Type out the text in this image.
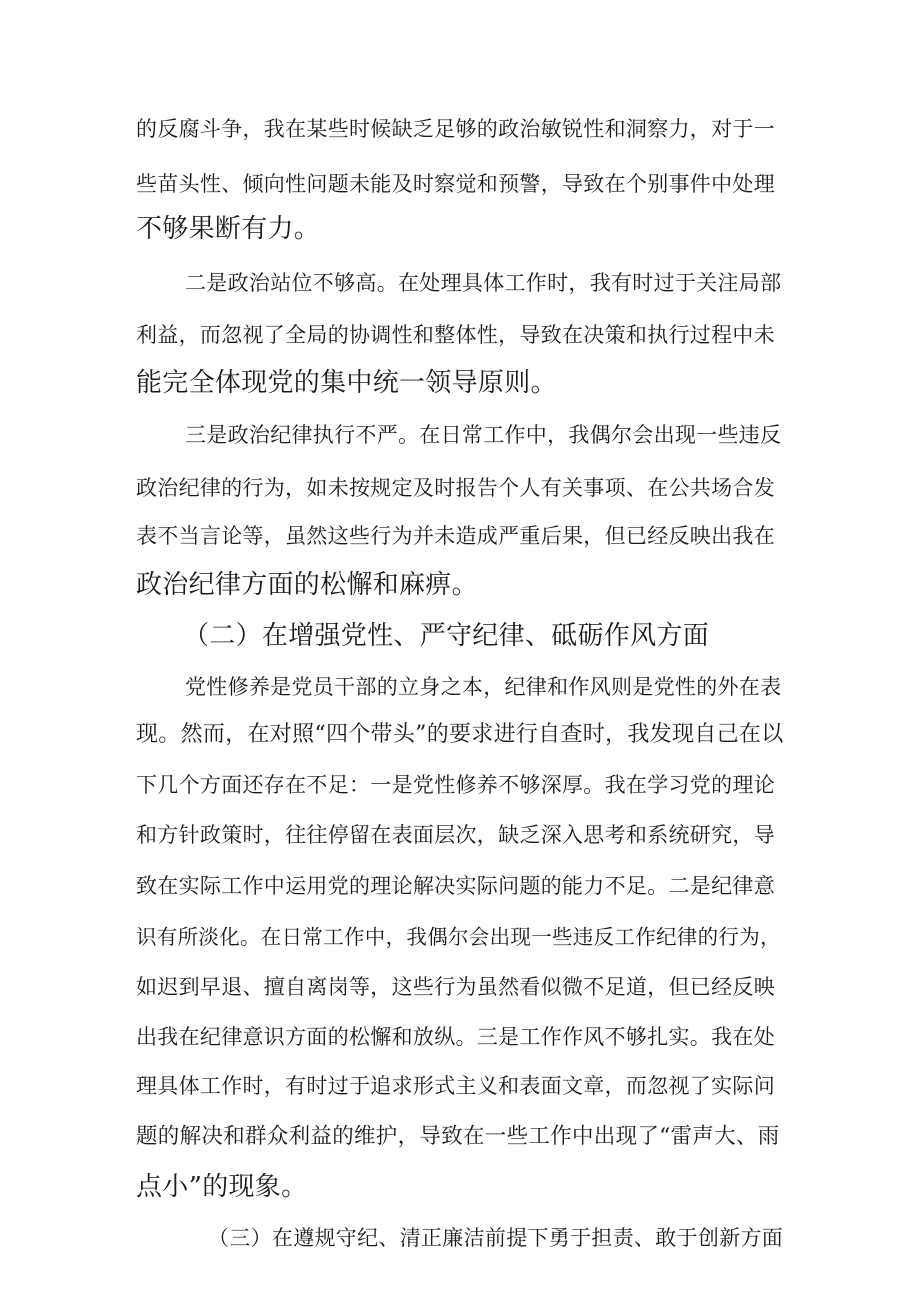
的反腐斗争，我在某些时候缺乏足够的政治敏锐性和洞察力，对于一
些苗头性、倾向性问题未能及时察觉和预警，导致在个别事件中处理
不够果断有力。
二是政治站位不够高。在处理具体工作时，我有时过于关注局部
利益，而忽视了全局的协调性和整体性，导致在决策和执行过程中未
能完全体现党的集中统一领导原则。
三是政治纪律执行不严。在日常工作中，我偶尔会出现一些违反
政治纪律的行为，如未按规定及时报告个人有关事项、在公共场合发
表不当言论等，虽然这些行为并未造成严重后果，但已经反映出我在
政治纪律方面的松懈和麻痹。
（二）在增强党性、严守纪律、砥砺作风方面
党性修养是党员干部的立身之本，纪律和作风则是党性的外在表
现。然而，在对照“四个带头”的要求进行自查时，我发现自己在以
下几个方面还存在不足：一是党性修养不够深厚。我在学习党的理论
和方针政策时，往往停留在表面层次，缺乏深入思考和系统研究，导
致在实际工作中运用党的理论解决实际问题的能力不足。二是纪律意
识有所淡化。在日常工作中，我偶尔会出现一些违反工作纪律的行为，
如迟到早退、擅自离岗等，这些行为虽然看似微不足道，但已经反映
出我在纪律意识方面的松懈和放纵。三是工作作风不够扎实。我在处
理具体工作时，有时过于追求形式主义和表面文章，而忽视了实际问
题的解决和群众利益的维护，导致在一些工作中出现了“雷声大、雨
点小”的现象。
（三）在遵规守纪、清正廉洁前提下勇于担责、敢于创新方面
